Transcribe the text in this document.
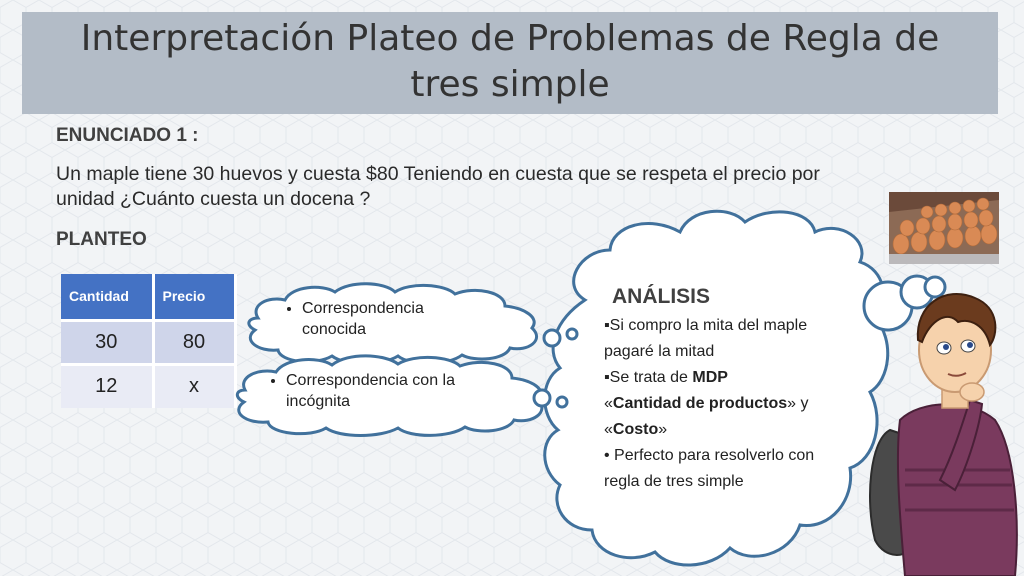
Interpretación Plateo de Problemas de Regla de tres simple
ENUNCIADO 1 :
Un maple tiene 30 huevos y cuesta $80 Teniendo en cuesta que se respeta el precio por unidad ¿Cuánto cuesta un docena ?
PLANTEO
Cantidad	Precio
30	80
12	x
• Correspondencia conocida
• Correspondencia con la incógnita
ANÁLISIS

▪Si compro la mita del maple pagaré la mitad

▪Se trata de MDP
«Cantidad de productos» y «Costo»

• Perfecto para resolverlo con regla de tres simple
